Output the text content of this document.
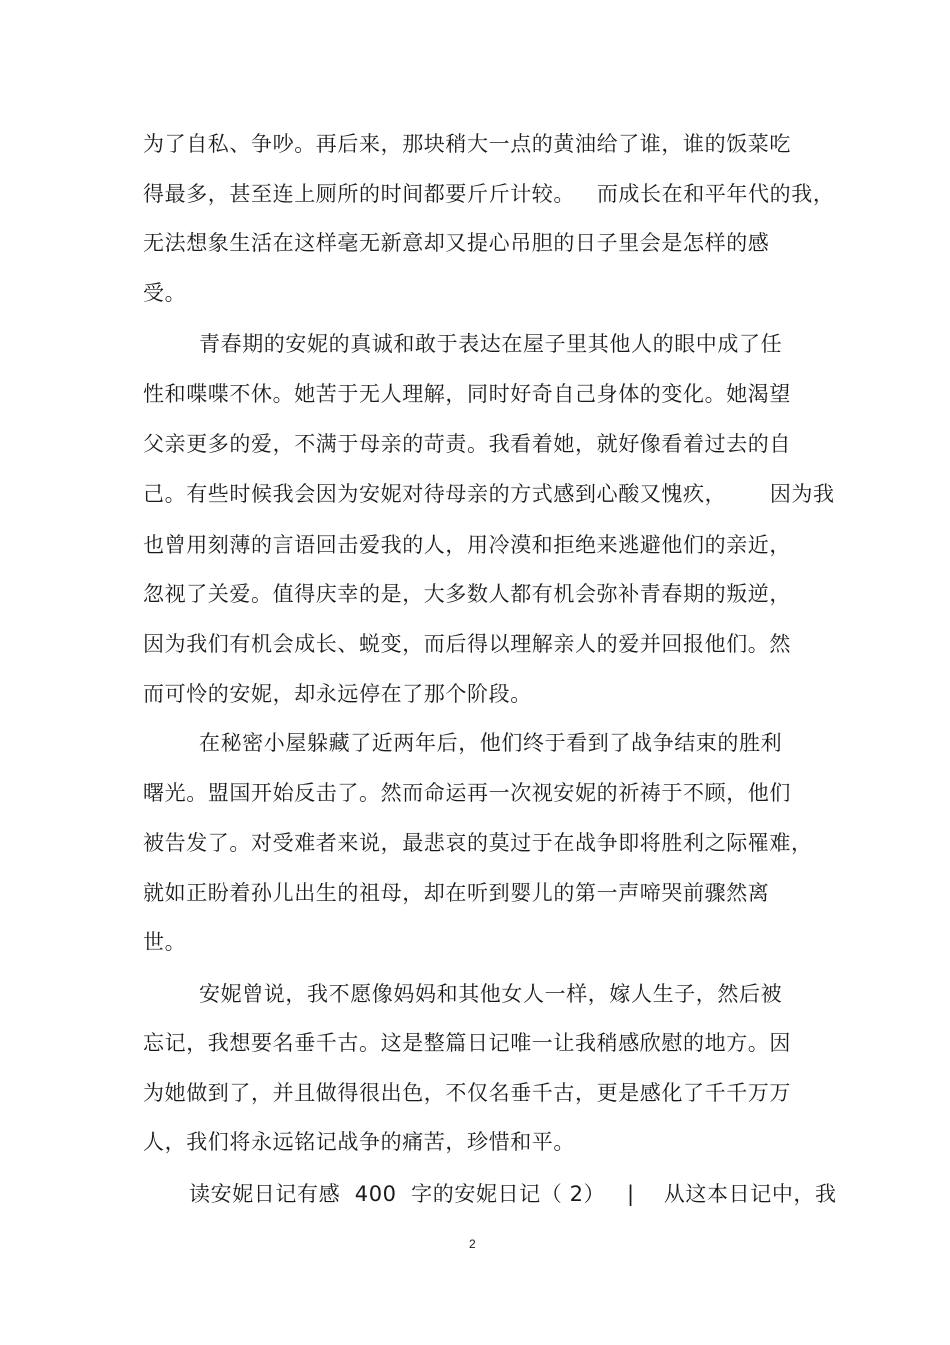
为了自私、争吵。再后来，那块稍大一点的黄油给了谁，谁的饭菜吃
得最多，甚至连上厕所的时间都要斤斤计较。   而成长在和平年代的我，
无法想象生活在这样毫无新意却又提心吊胆的日子里会是怎样的感
受。
青春期的安妮的真诚和敢于表达在屋子里其他人的眼中成了任
性和喋喋不休。她苦于无人理解，同时好奇自己身体的变化。她渴望
父亲更多的爱，不满于母亲的苛责。我看着她，就好像看着过去的自
己。有些时候我会因为安妮对待母亲的方式感到心酸又愧疚，      因为我
也曾用刻薄的言语回击爱我的人，用冷漠和拒绝来逃避他们的亲近，
忽视了关爱。值得庆幸的是，大多数人都有机会弥补青春期的叛逆，
因为我们有机会成长、蜕变，而后得以理解亲人的爱并回报他们。然
而可怜的安妮，却永远停在了那个阶段。
在秘密小屋躲藏了近两年后，他们终于看到了战争结束的胜利
曙光。盟国开始反击了。然而命运再一次视安妮的祈祷于不顾，他们
被告发了。对受难者来说，最悲哀的莫过于在战争即将胜利之际罹难，
就如正盼着孙儿出生的祖母，却在听到婴儿的第一声啼哭前骤然离
世。
安妮曾说，我不愿像妈妈和其他女人一样，嫁人生子，然后被
忘记，我想要名垂千古。这是整篇日记唯一让我稍感欣慰的地方。因
为她做到了，并且做得很出色，不仅名垂千古，更是感化了千千万万
人，我们将永远铭记战争的痛苦，珍惜和平。
读安妮日记有感  400  字的安妮日记（ 2）   |    从这本日记中，我
2
